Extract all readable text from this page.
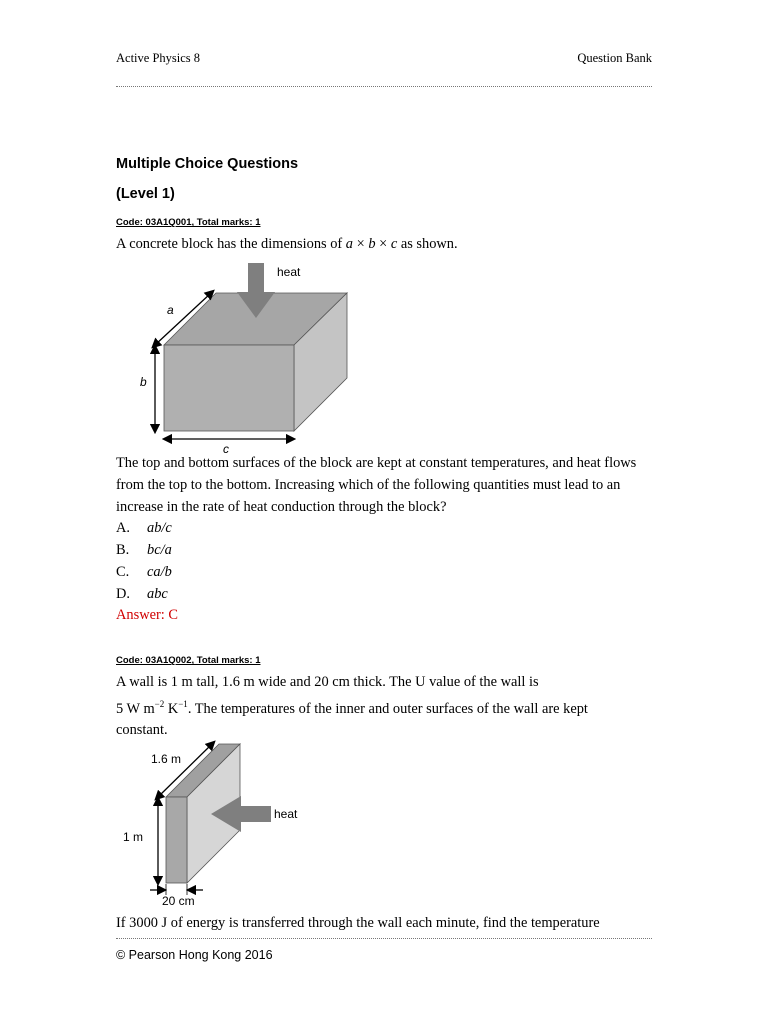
Active Physics 8	Question Bank
Multiple Choice Questions
(Level 1)
Code: 03A1Q001, Total marks: 1
A concrete block has the dimensions of a × b × c as shown.
heat
a
b
c
The top and bottom surfaces of the block are kept at constant temperatures, and heat flows from the top to the bottom. Increasing which of the following quantities must lead to an increase in the rate of heat conduction through the block?
A. ab/c
B. bc/a
C. ca/b
D. abc
Answer: C
Code: 03A1Q002, Total marks: 1
A wall is 1 m tall, 1.6 m wide and 20 cm thick. The U value of the wall is
5 W $m^{-2}$ $K^{-1}$. The temperatures of the inner and outer surfaces of the wall are kept
constant.
heat
1.6 m
1 m
20 cm
If 3000 J of energy is transferred through the wall each minute, find the temperature
© Pearson Hong Kong 2016
